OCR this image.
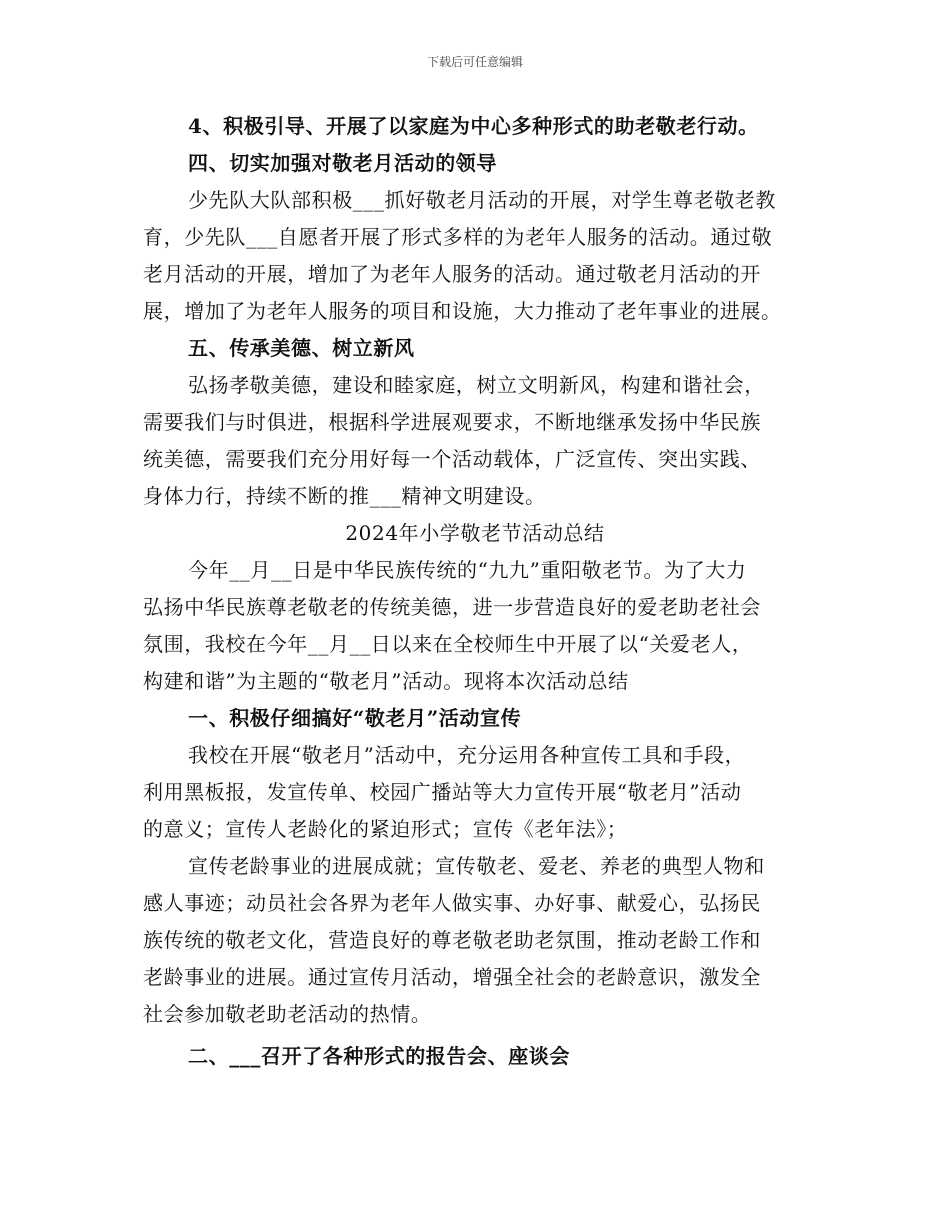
下载后可任意编辑
4、积极引导、开展了以家庭为中心多种形式的助老敬老行动。
四、切实加强对敬老月活动的领导
少先队大队部积极___抓好敬老月活动的开展，对学生尊老敬老教
育，少先队___自愿者开展了形式多样的为老年人服务的活动。通过敬
老月活动的开展，增加了为老年人服务的活动。通过敬老月活动的开
展，增加了为老年人服务的项目和设施，大力推动了老年事业的进展。
五、传承美德、树立新风
弘扬孝敬美德，建设和睦家庭，树立文明新风，构建和谐社会，
需要我们与时俱进，根据科学进展观要求，不断地继承发扬中华民族
统美德，需要我们充分用好每一个活动载体，广泛宣传、突出实践、
身体力行，持续不断的推___精神文明建设。
2024年小学敬老节活动总结
今年__月__日是中华民族传统的“九九”重阳敬老节。为了大力
弘扬中华民族尊老敬老的传统美德，进一步营造良好的爱老助老社会
氛围，我校在今年__月__日以来在全校师生中开展了以“关爱老人，
构建和谐”为主题的“敬老月”活动。现将本次活动总结
一、积极仔细搞好“敬老月”活动宣传
我校在开展“敬老月”活动中，充分运用各种宣传工具和手段，
利用黑板报，发宣传单、校园广播站等大力宣传开展“敬老月”活动
的意义；宣传人老龄化的紧迫形式；宣传《老年法》；
宣传老龄事业的进展成就；宣传敬老、爱老、养老的典型人物和
感人事迹；动员社会各界为老年人做实事、办好事、献爱心，弘扬民
族传统的敬老文化，营造良好的尊老敬老助老氛围，推动老龄工作和
老龄事业的进展。通过宣传月活动，增强全社会的老龄意识，激发全
社会参加敬老助老活动的热情。
二、___召开了各种形式的报告会、座谈会
